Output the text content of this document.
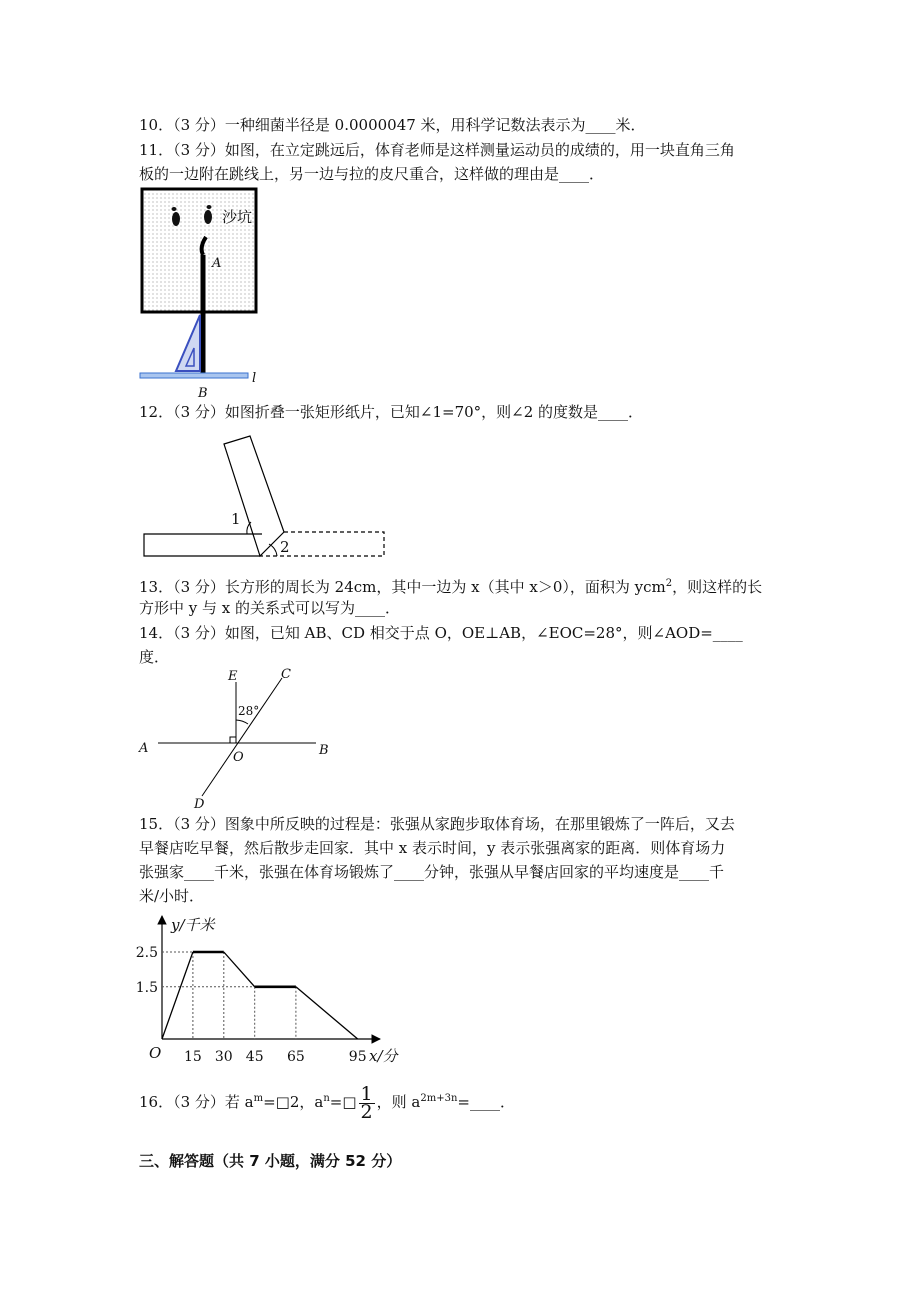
10．（3 分）一种细菌半径是 0.0000047 米，用科学记数法表示为____米．
11．（3 分）如图，在立定跳远后，体育老师是这样测量运动员的成绩的，用一块直角三角
板的一边附在跳线上，另一边与拉的皮尺重合，这样做的理由是____．
沙坑
A
l
B
12．（3 分）如图折叠一张矩形纸片，已知∠1=70°，则∠2 的度数是____．
1
2
13．（3 分）长方形的周长为 24cm，其中一边为 x（其中 x＞0），面积为 ycm$^2$，则这样的长
方形中 y 与 x 的关系式可以写为____．
14．（3 分）如图，已知 AB、CD 相交于点 O，OE⊥AB，∠EOC=28°，则∠AOD=____
度．
E	C
28°
A
O	B
D
15．（3 分）图象中所反映的过程是：张强从家跑步取体育场，在那里锻炼了一阵后，又去
早餐店吃早餐，然后散步走回家．其中 x 表示时间，y 表示张强离家的距离．则体育场力
张强家____千米，张强在体育场锻炼了____分钟，张强从早餐店回家的平均速度是____千
米/小时．
y/千米
x/分
O 15 30 45 65	95
2.5
1.5
16．（3 分）若 $a^m=□2$，$a^n=□ \frac{1}{2}$ ，则 $a^{2m+3n}=\_\_\_\_$．
三、解答题（共 7 小题，满分 52 分）
